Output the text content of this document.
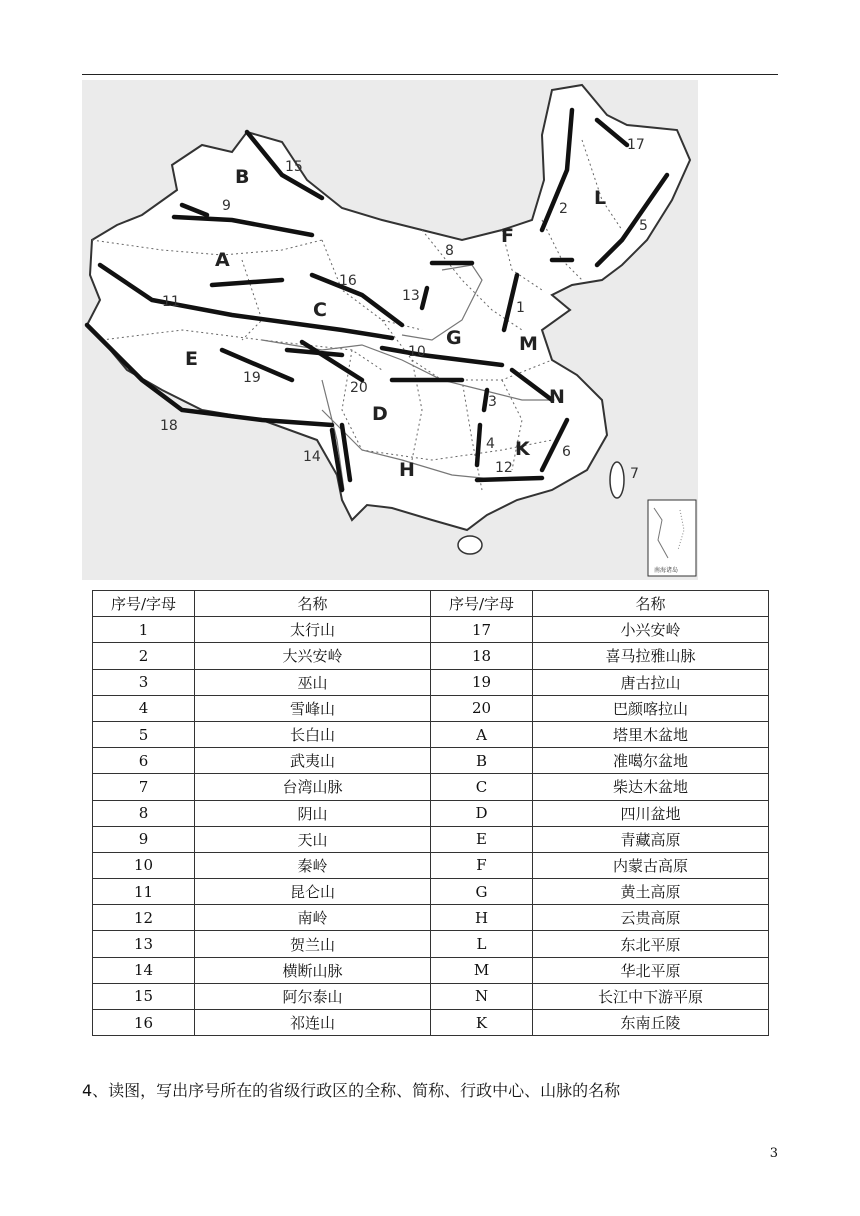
南海诸岛
B
A
C
E
D
H
G
F
L
M
N
K
15
9
11
16
13
10
19
20
18
14
8
1
2
17
5
3
4
12
6
7
序号/字母	名称	序号/字母	名称
1	太行山	17	小兴安岭
2	大兴安岭	18	喜马拉雅山脉
3	巫山	19	唐古拉山
4	雪峰山	20	巴颜喀拉山
5	长白山	A	塔里木盆地
6	武夷山	B	准噶尔盆地
7	台湾山脉	C	柴达木盆地
8	阴山	D	四川盆地
9	天山	E	青藏高原
10	秦岭	F	内蒙古高原
11	昆仑山	G	黄土高原
12	南岭	H	云贵高原
13	贺兰山	L	东北平原
14	横断山脉	M	华北平原
15	阿尔泰山	N	长江中下游平原
16	祁连山	K	东南丘陵
4、读图，写出序号所在的省级行政区的全称、简称、行政中心、山脉的名称
3
